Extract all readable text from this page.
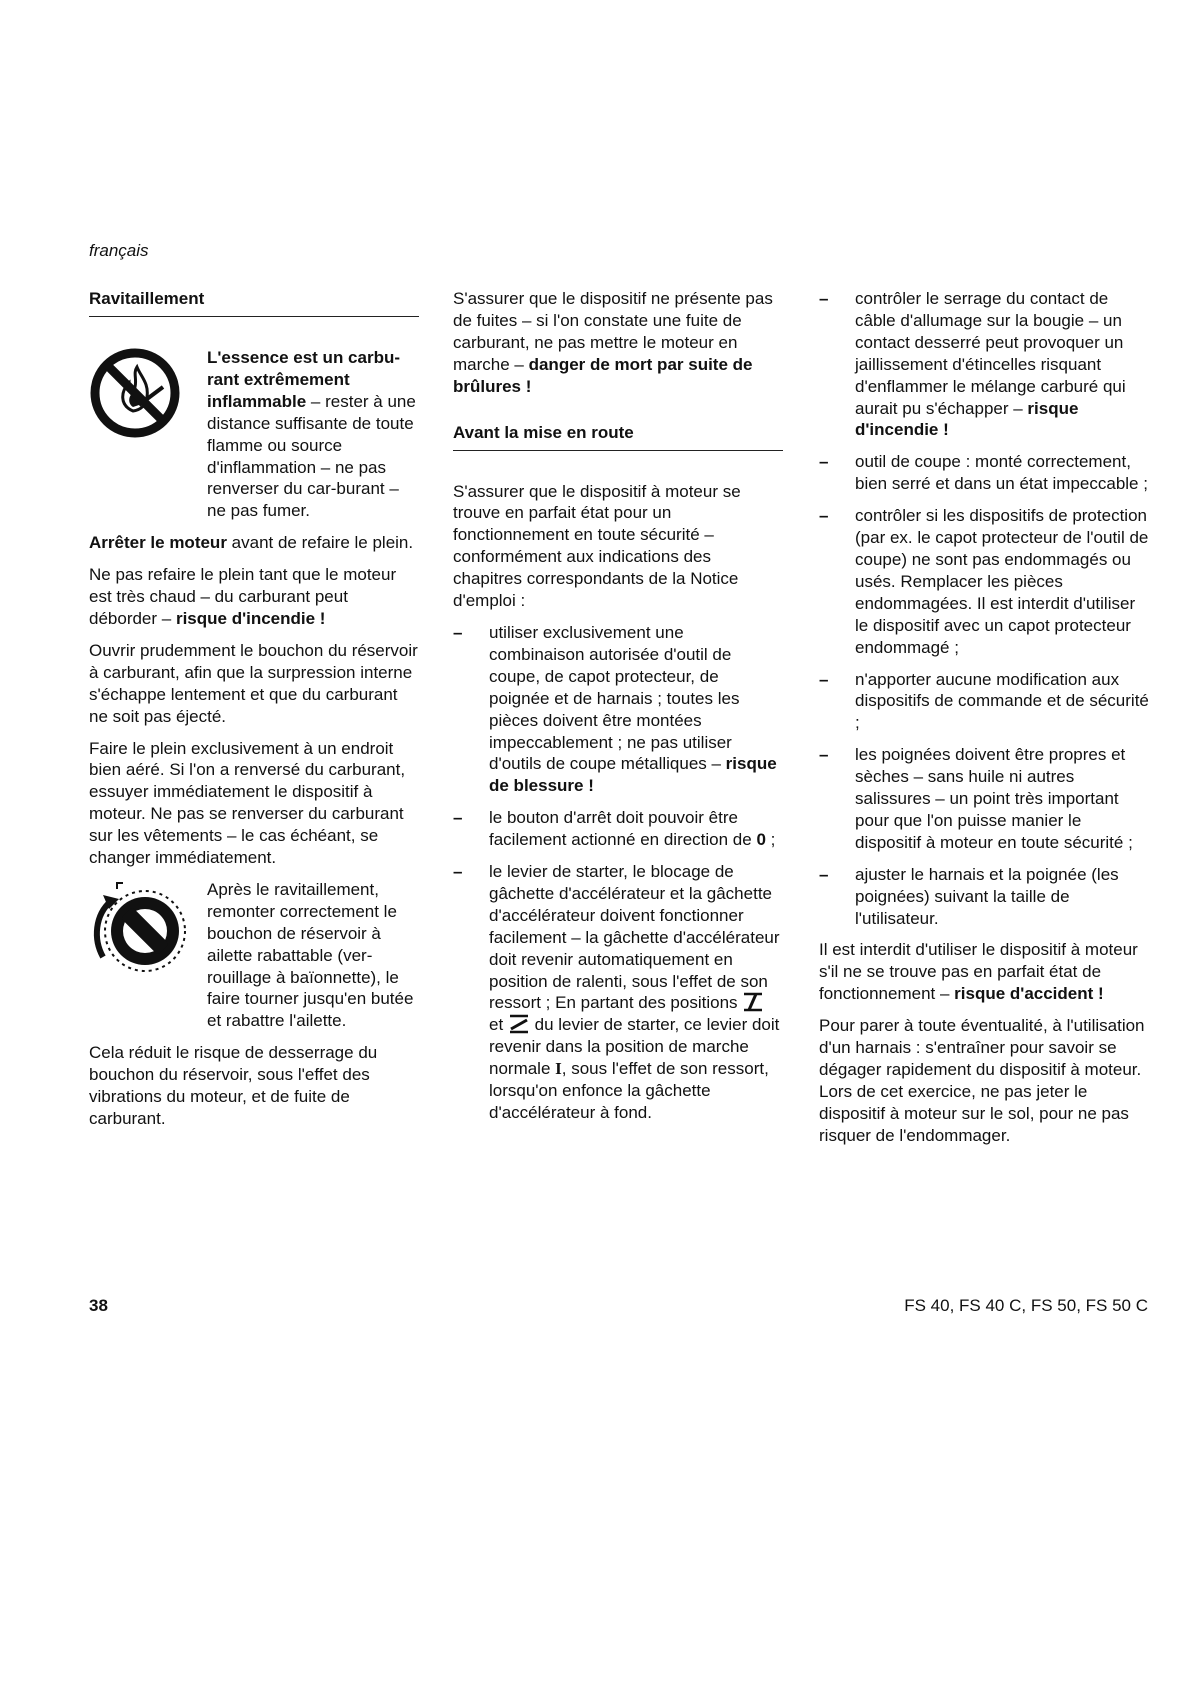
français
Ravitaillement
L'essence est un carbu-rant extrêmement inflammable – rester à une distance suffisante de toute flamme ou source d'inflammation – ne pas renverser du car-burant – ne pas fumer.

Arrêter le moteur avant de refaire le plein.

Ne pas refaire le plein tant que le moteur est très chaud – du carburant peut déborder – risque d'incendie !

Ouvrir prudemment le bouchon du réservoir à carburant, afin que la surpression interne s'échappe lentement et que du carburant ne soit pas éjecté.

Faire le plein exclusivement à un endroit bien aéré. Si l'on a renversé du carburant, essuyer immédiatement le dispositif à moteur. Ne pas se renverser du carburant sur les vêtements – le cas échéant, se changer immédiatement.

Après le ravitaillement, remonter correctement le bouchon de réservoir à ailette rabattable (ver-rouillage à baïonnette), le faire tourner jusqu'en butée et rabattre l'ailette.

Cela réduit le risque de desserrage du bouchon du réservoir, sous l'effet des vibrations du moteur, et de fuite de carburant.

S'assurer que le dispositif ne présente pas de fuites – si l'on constate une fuite de carburant, ne pas mettre le moteur en marche – danger de mort par suite de brûlures !

Avant la mise en route

S'assurer que le dispositif à moteur se trouve en parfait état pour un fonctionnement en toute sécurité – conformément aux indications des chapitres correspondants de la Notice d'emploi :

– utiliser exclusivement une combinaison autorisée d'outil de coupe, de capot protecteur, de poignée et de harnais ; toutes les pièces doivent être montées impeccablement ; ne pas utiliser d'outils de coupe métalliques – risque de blessure !
– le bouton d'arrêt doit pouvoir être facilement actionné en direction de 0 ;
– le levier de starter, le blocage de gâchette d'accélérateur et la gâchette d'accélérateur doivent fonctionner facilement – la gâchette d'accélérateur doit revenir automatiquement en position de ralenti, sous l'effet de son ressort ; En partant des positions  et  du levier de starter, ce levier doit revenir dans la position de marche normale I, sous l'effet de son ressort, lorsqu'on enfonce la gâchette d'accélérateur à fond.
– contrôler le serrage du contact de câble d'allumage sur la bougie – un contact desserré peut provoquer un jaillissement d'étincelles risquant d'enflammer le mélange carburé qui aurait pu s'échapper – risque d'incendie !
– outil de coupe : monté correctement, bien serré et dans un état impeccable ;
– contrôler si les dispositifs de protection (par ex. le capot protecteur de l'outil de coupe) ne sont pas endommagés ou usés. Remplacer les pièces endommagées. Il est interdit d'utiliser le dispositif avec un capot protecteur endommagé ;
– n'apporter aucune modification aux dispositifs de commande et de sécurité ;
– les poignées doivent être propres et sèches – sans huile ni autres salissures – un point très important pour que l'on puisse manier le dispositif à moteur en toute sécurité ;
– ajuster le harnais et la poignée (les poignées) suivant la taille de l'utilisateur.

Il est interdit d'utiliser le dispositif à moteur s'il ne se trouve pas en parfait état de fonctionnement – risque d'accident !

Pour parer à toute éventualité, à l'utilisation d'un harnais : s'entraîner pour savoir se dégager rapidement du dispositif à moteur. Lors de cet exercice, ne pas jeter le dispositif à moteur sur le sol, pour ne pas risquer de l'endommager.

38	FS 40, FS 40 C, FS 50, FS 50 C
